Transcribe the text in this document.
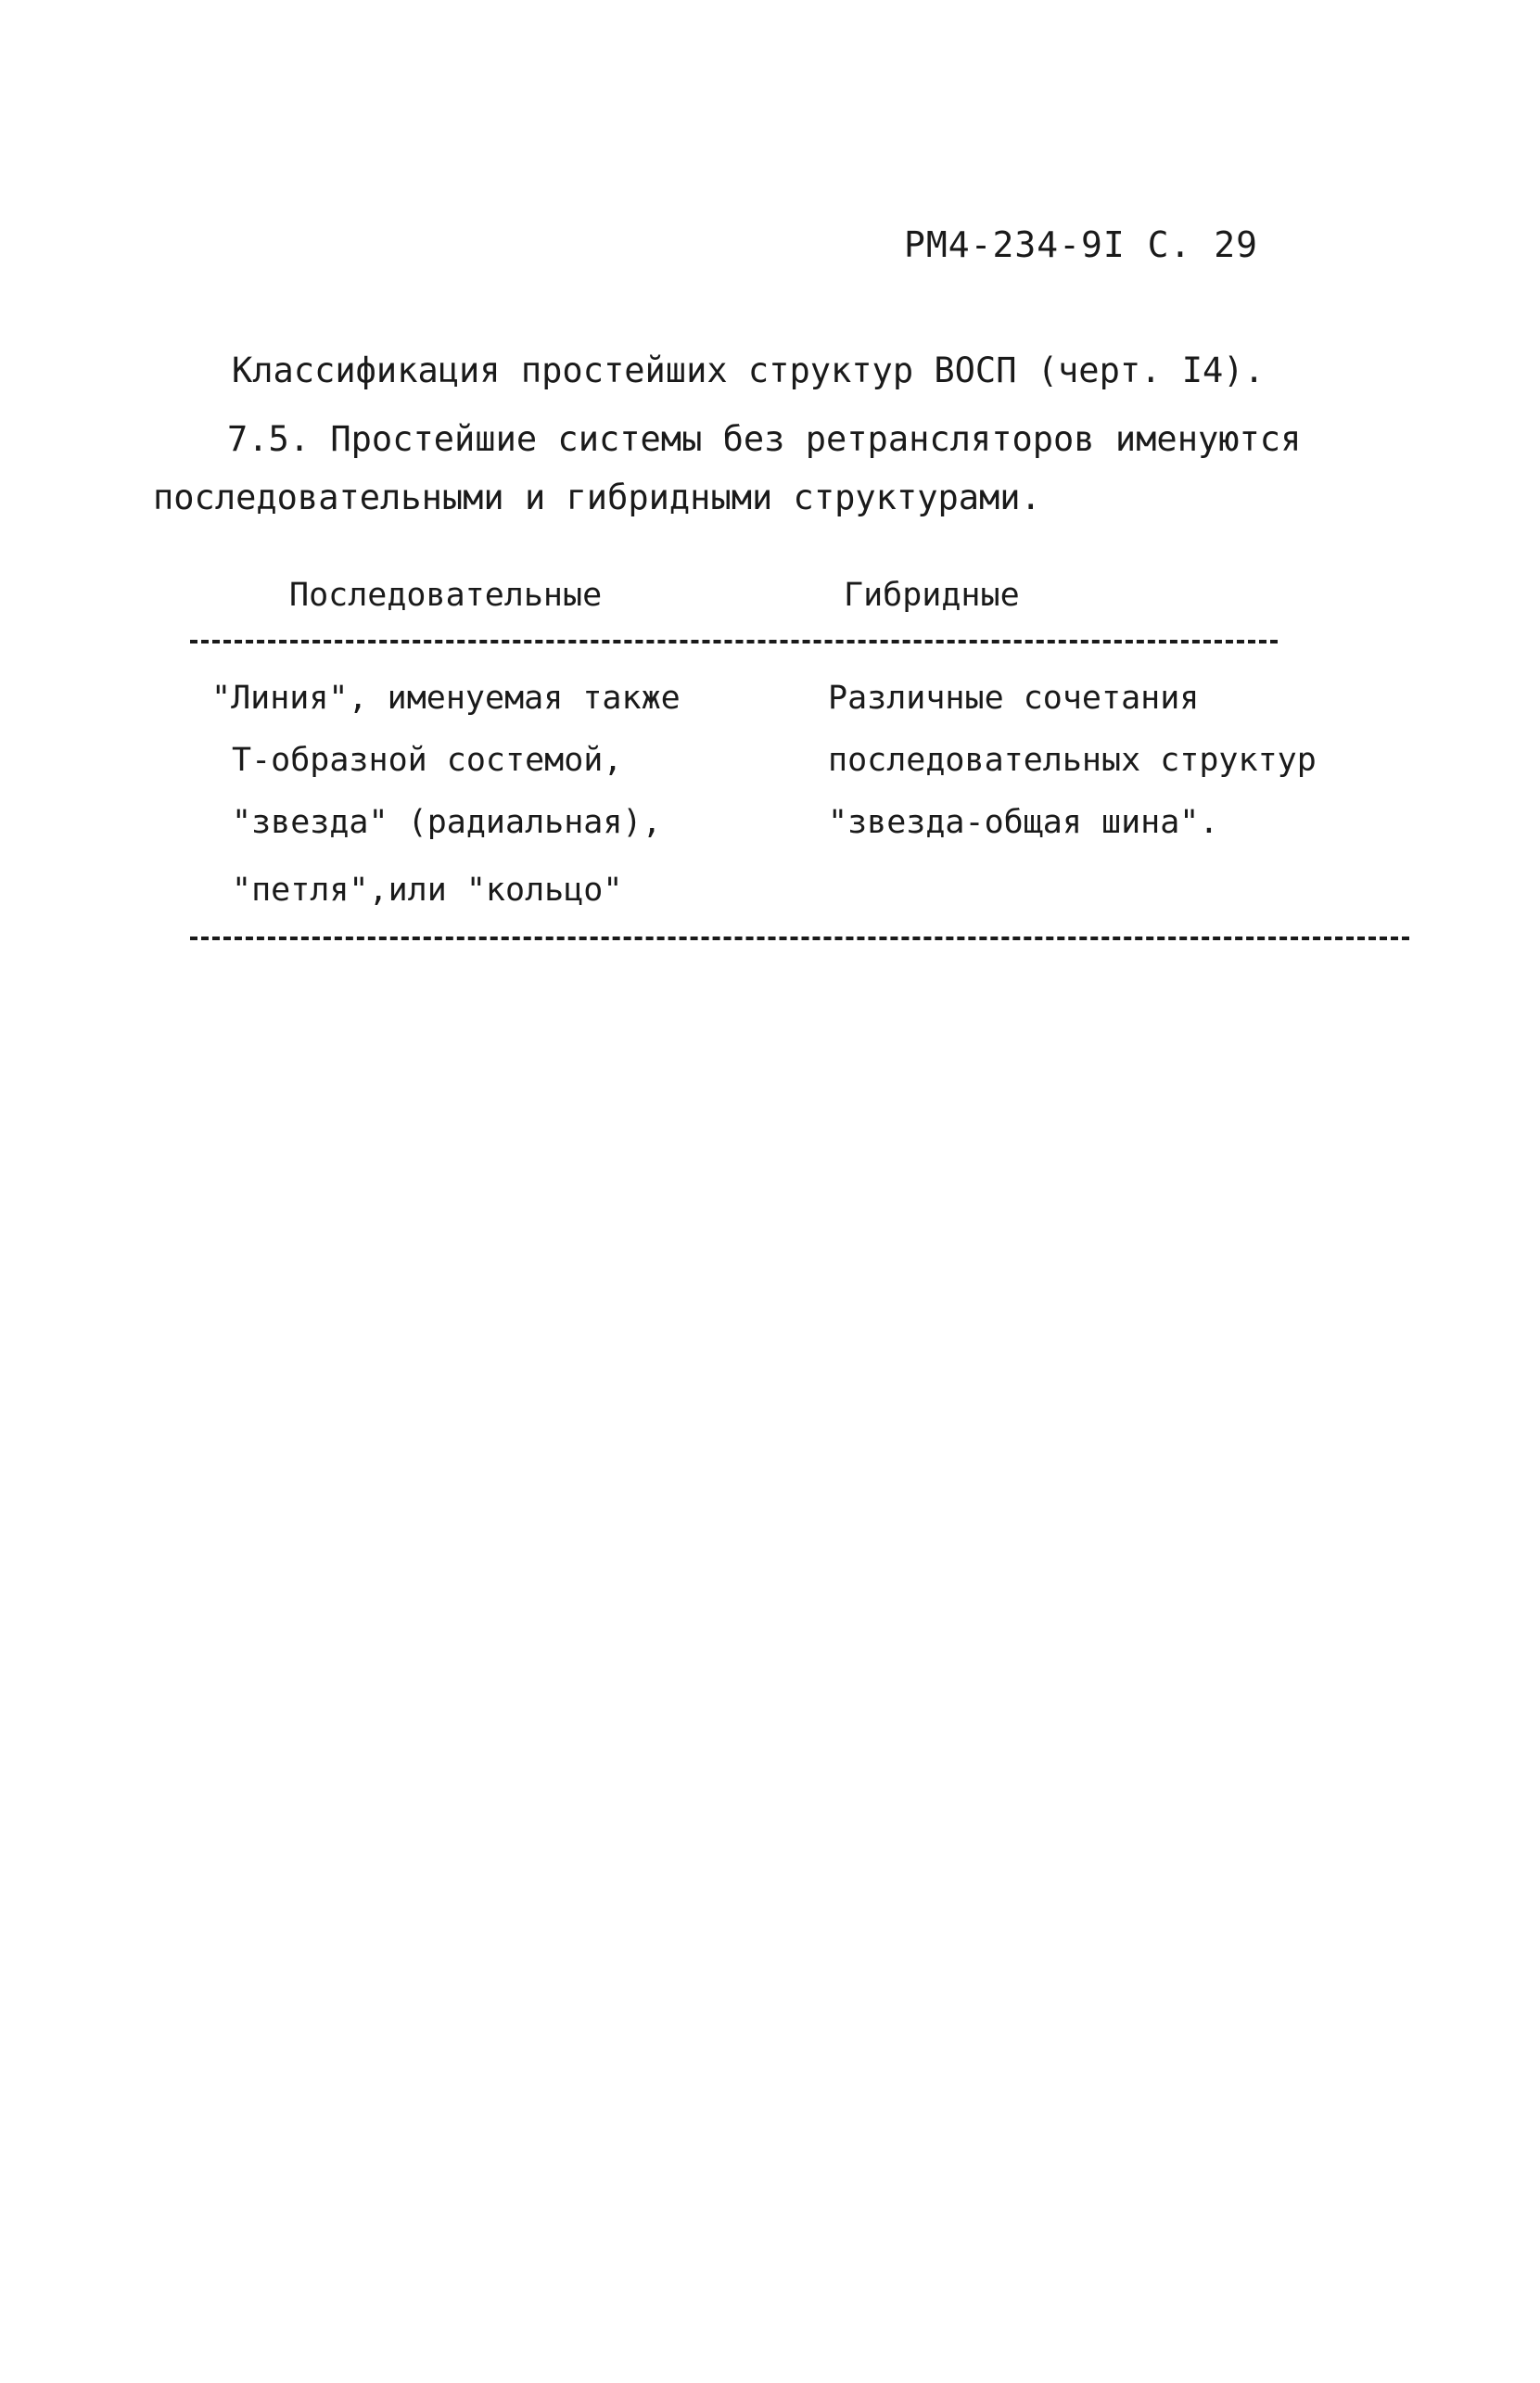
РМ4-234-9I С. 29
Классификация простейших структур ВОСП (черт. I4).
7.5. Простейшие системы без ретрансляторов именуются
последовательными и гибридными структурами.
Последовательные	Гибридные
"Линия", именуемая также
Т-образной состемой,
"звезда" (радиальная),
"петля",или "кольцо"
Различные сочетания
последовательных структур
"звезда-общая шина".
